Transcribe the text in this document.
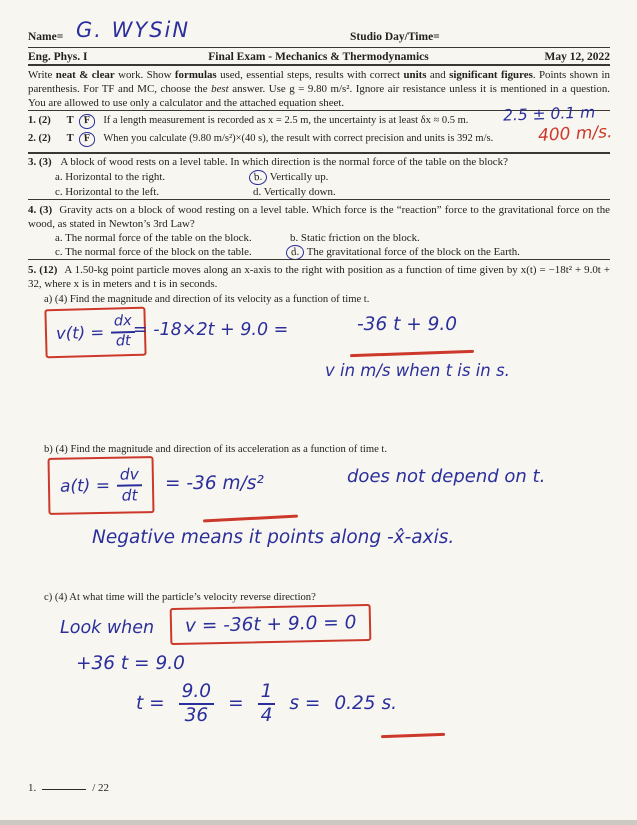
Name= G. WYSiN	Studio Day/Time=
Eng. Phys. I	Final Exam - Mechanics & Thermodynamics	May 12, 2022
Write neat & clear work. Show formulas used, essential steps, results with correct units and significant figures. Points shown in parenthesis. For TF and MC, choose the best answer. Use g = 9.80 m/s². Ignore air resistance unless it is mentioned in a question. You are allowed to use only a calculator and the attached equation sheet.
1. (2) T F If a length measurement is recorded as x = 2.5 m, the uncertainty is at least δx ≈ 0.5 m. 2.5 ± 0.1 m
2. (2) T F When you calculate (9.80 m/s²)×(40 s), the result with correct precision and units is 392 m/s.	400 m/s.
3. (3) A block of wood rests on a level table. In which direction is the normal force of the table on the block?
a. Horizontal to the right.	b. Vertically up.
c. Horizontal to the left.	d. Vertically down.
4. (3) Gravity acts on a block of wood resting on a level table. Which force is the “reaction” force to the gravitational force on the wood, as stated in Newton’s 3rd Law?
a. The normal force of the table on the block.	b. Static friction on the block.
c. The normal force of the block on the table.	d. The gravitational force of the block on the Earth.
5. (12) A 1.50-kg point particle moves along an x-axis to the right with position as a function of time given by x(t) = −18t² + 9.0t + 32, where x is in meters and t is in seconds.
a) (4) Find the magnitude and direction of its velocity as a function of time t.
$v(t) = \frac{dx}{dt}$
= -18×2t + 9.0 =	-36 t + 9.0
v in m/s when t is in s.
b) (4) Find the magnitude and direction of its acceleration as a function of time t.
$a(t) = \frac{dv}{dt} = -36$ m/s²	does not depend on t.
Negative means it points along -x̂-axis.
c) (4) At what time will the particle’s velocity reverse direction?
Look when v = -36t + 9.0 = 0
+36 t = 9.0
$t = \frac{9.0}{36} = \frac{1}{4}$ s = 0.25 s.
1.	/ 22
